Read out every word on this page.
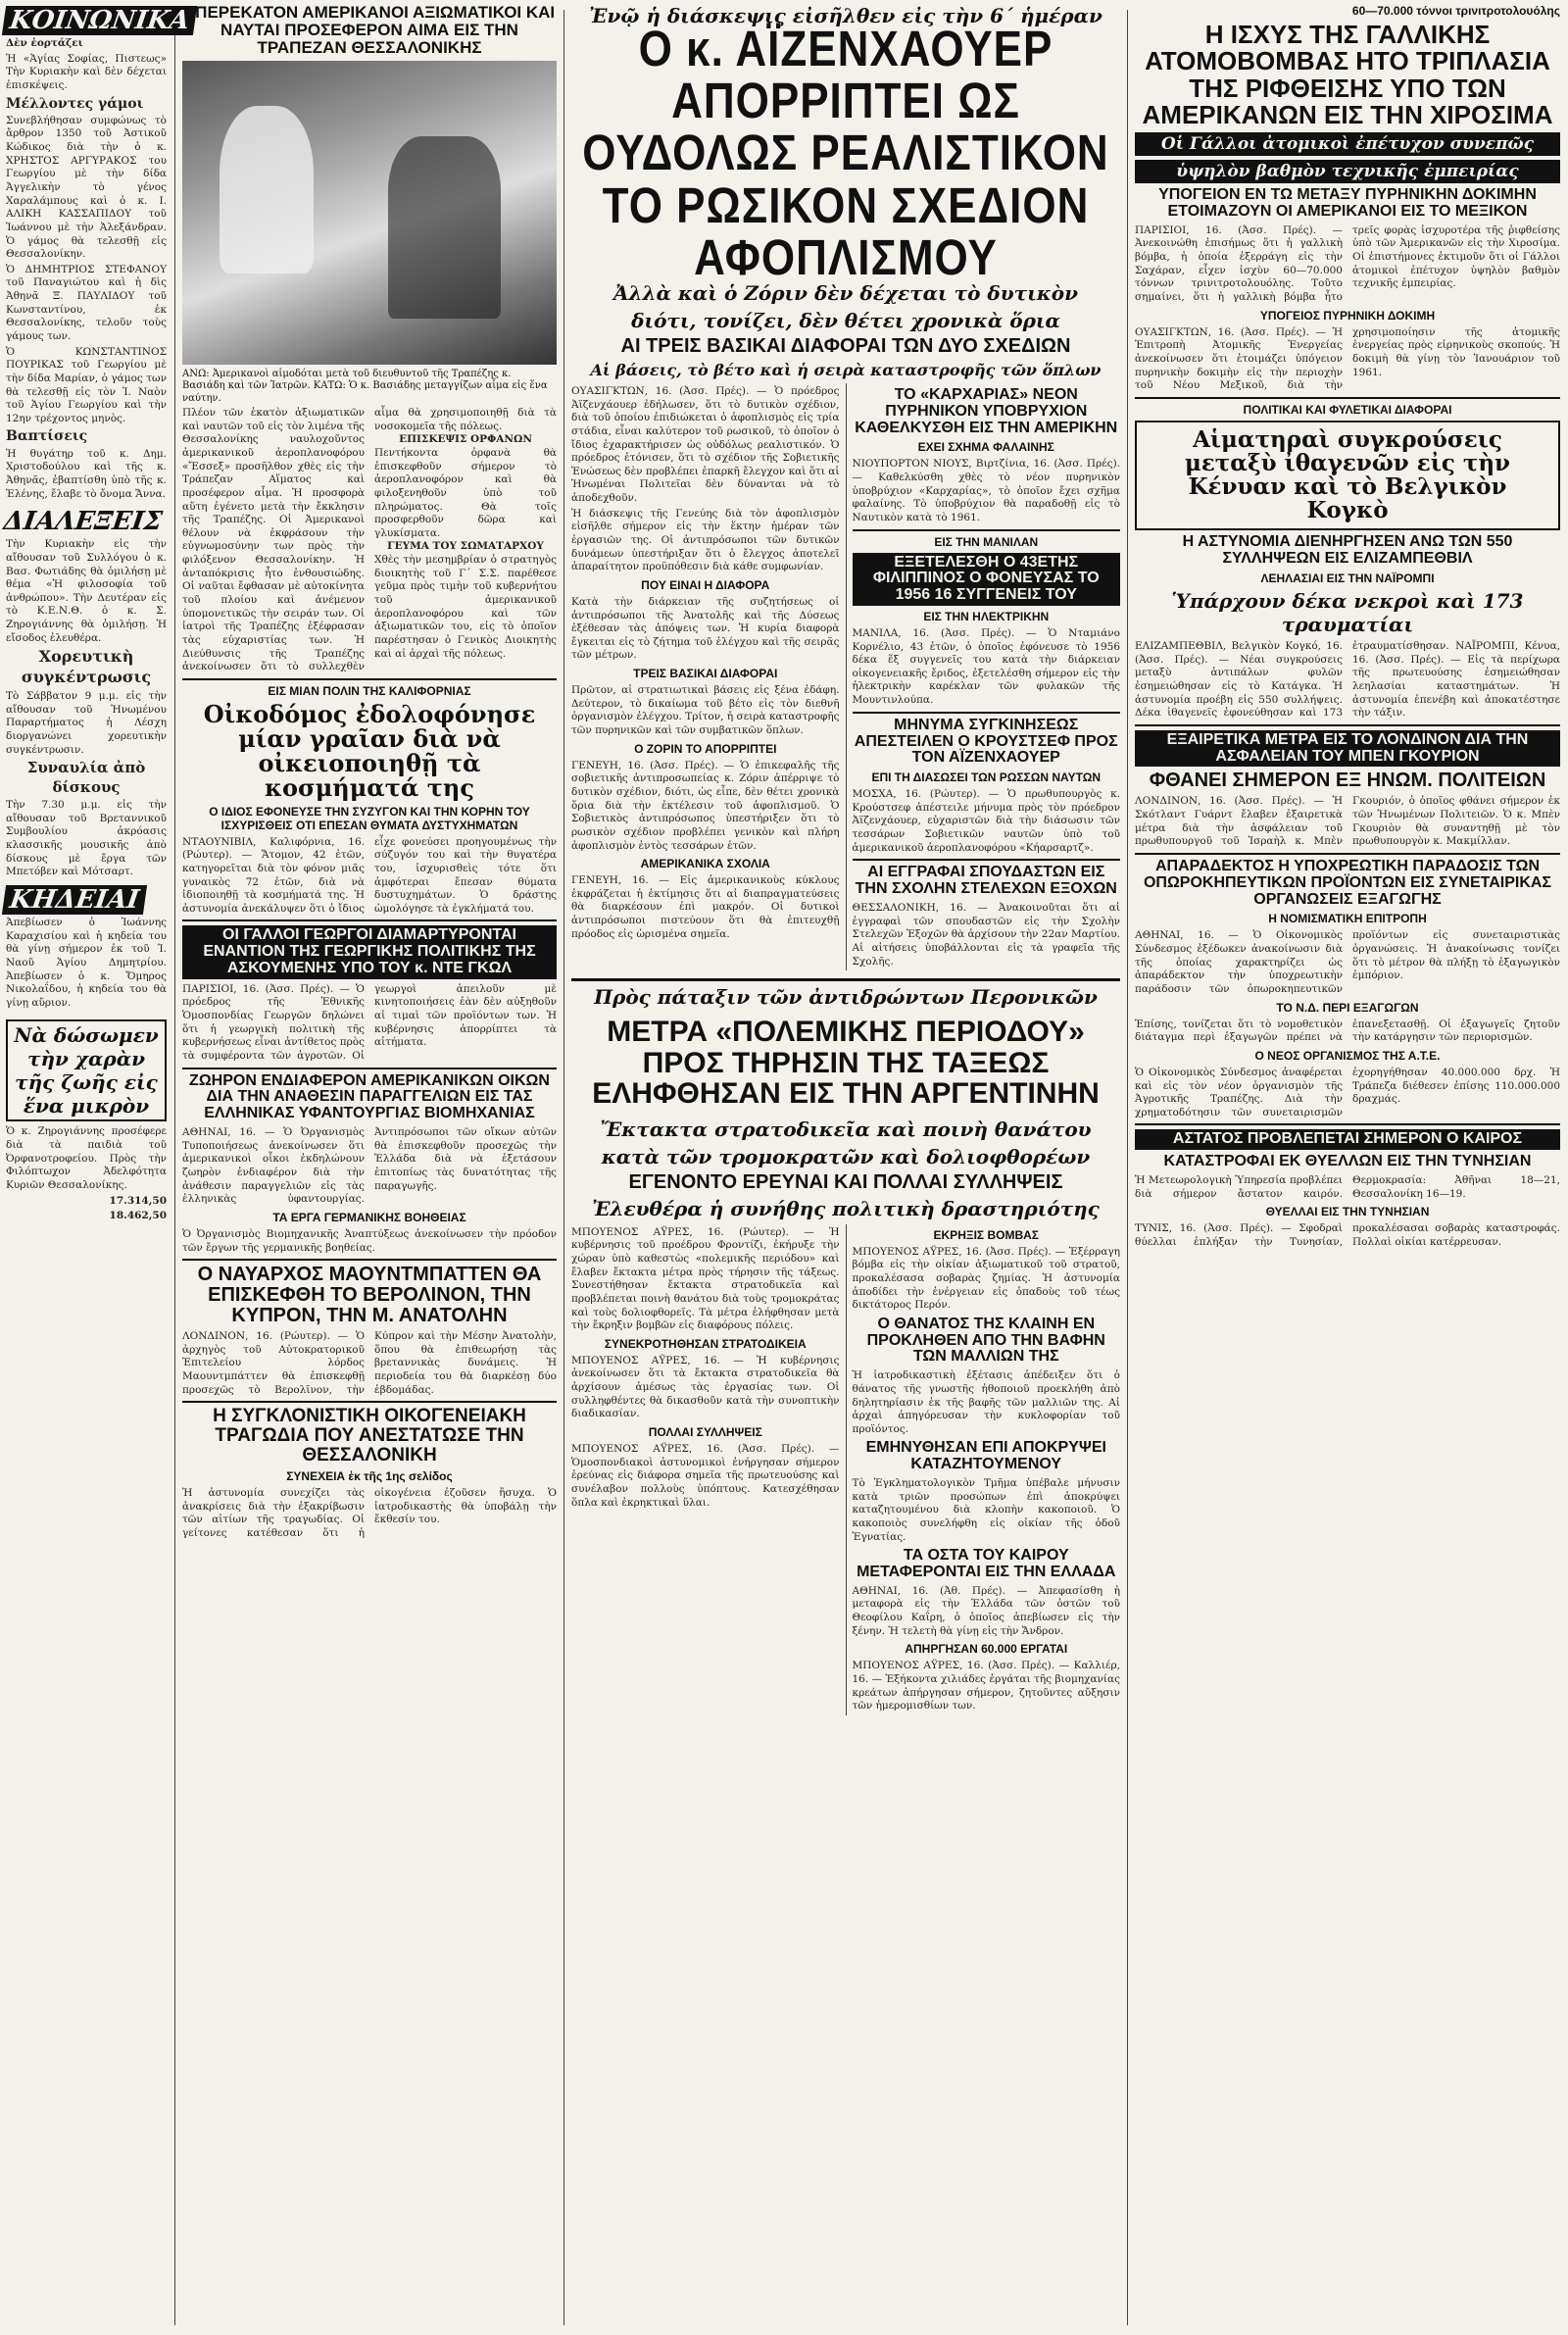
ΚΟΙΝΩΝΙΚΑ
Δὲν ἑορτάζει
Ἡ «Ἁγίας Σοφίας, Πιστεως» Τὴν Κυριακὴν καὶ δὲν δέχεται ἐπισκέψεις.
Μέλλοντες γάμοι
Συνεβλήθησαν συμφώνως τὸ ἄρθρον 1350 τοῦ Ἀστικοῦ Κώδικος διὰ τὴν ὁ κ. ΧΡΗΣΤΟΣ ΑΡΓΥΡΑΚΟΣ του Γεωργίου μὲ τὴν δίδα Ἀγγελικὴν τὸ γένος Χαραλάμπους καὶ ὁ κ. Ι. ΑΛΙΚΗ ΚΑΣΣΑΠΙΔΟΥ τοῦ Ἰωάννου μὲ τὴν Ἀλεξάνδραν. Ὁ γάμος θὰ τελεσθῇ εἰς Θεσσαλονίκην.
Ὁ ΔΗΜΗΤΡΙΟΣ ΣΤΕΦΑΝΟΥ τοῦ Παναγιώτου καὶ ἡ δὶς Ἀθηνᾶ Ξ. ΠΑΥΛΙΔΟΥ τοῦ Κωνσταντίνου, ἐκ Θεσσαλονίκης, τελοῦν τοὺς γάμους των.
Ὁ ΚΩΝΣΤΑΝΤΙΝΟΣ ΠΟΥΡΙΚΑΣ τοῦ Γεωργίου μὲ τὴν δίδα Μαρίαν, ὁ γάμος των θὰ τελεσθῇ εἰς τὸν Ἱ. Ναὸν τοῦ Ἁγίου Γεωργίου καὶ τὴν 12ην τρέχοντος μηνὸς.
Βαπτίσεις
Ἡ θυγάτηρ τοῦ κ. Δημ. Χριστοδούλου καὶ τῆς κ. Ἀθηνᾶς, ἐβαπτίσθη ὑπὸ τῆς κ. Ἑλένης, ἔλαβε τὸ ὄνομα Ἄννα.
ΔΙΑΛΕΞΕΙΣ
Τὴν Κυριακὴν εἰς τὴν αἴθουσαν τοῦ Συλλόγου ὁ κ. Βασ. Φωτιάδης θὰ ὁμιλήσῃ μὲ θέμα «Ἡ φιλοσοφία τοῦ ἀνθρώπου». Τὴν Δευτέραν εἰς τὸ Κ.Ε.Ν.Θ. ὁ κ. Σ. Ζηρογιάννης θὰ ὁμιλήσῃ. Ἡ εἴσοδος ἐλευθέρα.
Χορευτικὴ συγκέντρωσις
Τὸ Σάββατον 9 μ.μ. εἰς τὴν αἴθουσαν τοῦ Ἡνωμένου Παραρτήματος ἡ Λέσχη διοργανώνει χορευτικὴν συγκέντρωσιν.
Συναυλία ἀπὸ δίσκους
Τὴν 7.30 μ.μ. εἰς τὴν αἴθουσαν τοῦ Βρεταννικοῦ Συμβουλίου ἀκρόασις κλασσικῆς μουσικῆς ἀπὸ δίσκους μὲ ἔργα τῶν Μπετόβεν καὶ Μότσαρτ.
ΚΗΔΕΙΑΙ
Ἀπεβίωσεν ὁ Ἰωάννης Καραχισίου καὶ ἡ κηδεία του θὰ γίνῃ σήμερον ἐκ τοῦ Ἱ. Ναοῦ Ἁγίου Δημητρίου. Ἀπεβίωσεν ὁ κ. Ὅμηρος Νικολαΐδου, ἡ κηδεία του θὰ γίνῃ αὔριον.
Νὰ δώσωμεν τὴν χαρὰν τῆς ζωῆς εἰς ἕνα μικρὸν
Ὁ κ. Ζηρογιάννης προσέφερε διὰ τὰ παιδιὰ τοῦ Ὀρφανοτροφείου. Πρὸς τὴν Φιλόπτωχον Ἀδελφότητα Κυριῶν Θεσσαλονίκης.
17.314,50
18.462,50
ΥΠΕΡΕΚΑΤΟΝ ΑΜΕΡΙΚΑΝΟΙ ΑΞΙΩΜΑΤΙΚΟΙ ΚΑΙ ΝΑΥΤΑΙ ΠΡΟΣΕΦΕΡΟΝ ΑΙΜΑ ΕΙΣ ΤΗΝ ΤΡΑΠΕΖΑΝ ΘΕΣΣΑΛΟΝΙΚΗΣ
ΑΝΩ: Ἀμερικανοὶ αἱμοδόται μετὰ τοῦ διευθυντοῦ τῆς Τραπέζης κ. Βασιάδη καὶ τῶν Ἰατρῶν. ΚΑΤΩ: Ὁ κ. Βασιάδης μεταγγίζων αἷμα εἰς ἕνα ναύτην.
Πλέον τῶν ἑκατὸν ἀξιωματικῶν καὶ ναυτῶν τοῦ εἰς τὸν λιμένα τῆς Θεσσαλονίκης ναυλοχοῦντος ἀμερικανικοῦ ἀεροπλανοφόρου «Ἔσσεξ» προσῆλθον χθὲς εἰς τὴν Τράπεζαν Αἵματος καὶ προσέφερον αἷμα. Ἡ προσφορὰ αὕτη ἐγένετο μετὰ τὴν ἔκκλησιν τῆς Τραπέζης. Οἱ Ἀμερικανοὶ θέλουν νὰ ἐκφράσουν τὴν εὐγνωμοσύνην των πρὸς τὴν φιλόξενον Θεσσαλονίκην. Ἡ ἀνταπόκρισις ἦτο ἐνθουσιώδης. Οἱ ναῦται ἔφθασαν μὲ αὐτοκίνητα τοῦ πλοίου καὶ ἀνέμενον ὑπομονετικῶς τὴν σειράν των. Οἱ ἰατροὶ τῆς Τραπέζης ἐξέφρασαν τὰς εὐχαριστίας των. Ἡ Διεύθυνσις τῆς Τραπέζης ἀνεκοίνωσεν ὅτι τὸ συλλεχθὲν αἷμα θὰ χρησιμοποιηθῇ διὰ τὰ νοσοκομεῖα τῆς πόλεως.
ΕΠΙΣΚΕΨΙΣ ΟΡΦΑΝΩΝ
Πεντήκοντα ὀρφανὰ θὰ ἐπισκεφθοῦν σήμερον τὸ ἀεροπλανοφόρον καὶ θὰ φιλοξενηθοῦν ὑπὸ τοῦ πληρώματος. Θὰ τοῖς προσφερθοῦν δῶρα καὶ γλυκίσματα.
ΓΕΥΜΑ ΤΟΥ ΣΩΜΑΤΑΡΧΟΥ
Χθὲς τὴν μεσημβρίαν ὁ στρατηγὸς διοικητὴς τοῦ Γ΄ Σ.Σ. παρέθεσε γεῦμα πρὸς τιμὴν τοῦ κυβερνήτου τοῦ ἀμερικανικοῦ ἀεροπλανοφόρου καὶ τῶν ἀξιωματικῶν του, εἰς τὸ ὁποῖον παρέστησαν ὁ Γενικὸς Διοικητὴς καὶ αἱ ἀρχαὶ τῆς πόλεως.
ΕΙΣ ΜΙΑΝ ΠΟΛΙΝ ΤΗΣ ΚΑΛΙΦΟΡΝΙΑΣ
Οἰκοδόμος ἐδολοφόνησε μίαν γραῖαν διὰ νὰ οἰκειοποιηθῇ τὰ κοσμήματά της
Ο ΙΔΙΟΣ ΕΦΟΝΕΥΣΕ ΤΗΝ ΣΥΖΥΓΟΝ ΚΑΙ ΤΗΝ ΚΟΡΗΝ ΤΟΥ ΙΣΧΥΡΙΣΘΕΙΣ ΟΤΙ ΕΠΕΣΑΝ ΘΥΜΑΤΑ ΔΥΣΤΥΧΗΜΑΤΩΝ
ΝΤΑΟΥΝΙΒΙΛ, Καλιφόρνια, 16. (Ρώυτερ). — Ἄτομον, 42 ἐτῶν, κατηγορεῖται διὰ τὸν φόνον μιᾶς γυναικὸς 72 ἐτῶν, διὰ νὰ ἰδιοποιηθῇ τὰ κοσμήματά της. Ἡ ἀστυνομία ἀνεκάλυψεν ὅτι ὁ ἴδιος εἶχε φονεύσει προηγουμένως τὴν σύζυγόν του καὶ τὴν θυγατέρα του, ἰσχυρισθεὶς τότε ὅτι ἀμφότεραι ἔπεσαν θύματα δυστυχημάτων. Ὁ δράστης ὡμολόγησε τὰ ἐγκλήματά του.
ΟΙ ΓΑΛΛΟΙ ΓΕΩΡΓΟΙ ΔΙΑΜΑΡΤΥΡΟΝΤΑΙ ΕΝΑΝΤΙΟΝ ΤΗΣ ΓΕΩΡΓΙΚΗΣ ΠΟΛΙΤΙΚΗΣ ΤΗΣ ΑΣΚΟΥΜΕΝΗΣ ΥΠΟ ΤΟΥ κ. ΝΤΕ ΓΚΩΛ
ΠΑΡΙΣΙΟΙ, 16. (Ἀσσ. Πρές). — Ὁ πρόεδρος τῆς Ἐθνικῆς Ὁμοσπονδίας Γεωργῶν δηλώνει ὅτι ἡ γεωργικὴ πολιτικὴ τῆς κυβερνήσεως εἶναι ἀντίθετος πρὸς τὰ συμφέροντα τῶν ἀγροτῶν. Οἱ γεωργοὶ ἀπειλοῦν μὲ κινητοποιήσεις ἐὰν δὲν αὐξηθοῦν αἱ τιμαὶ τῶν προϊόντων των. Ἡ κυβέρνησις ἀπορρίπτει τὰ αἰτήματα.
ΖΩΗΡΟΝ ΕΝΔΙΑΦΕΡΟΝ ΑΜΕΡΙΚΑΝΙΚΩΝ ΟΙΚΩΝ ΔΙΑ ΤΗΝ ΑΝΑΘΕΣΙΝ ΠΑΡΑΓΓΕΛΙΩΝ ΕΙΣ ΤΑΣ ΕΛΛΗΝΙΚΑΣ ΥΦΑΝΤΟΥΡΓΙΑΣ ΒΙΟΜΗΧΑΝΙΑΣ
ΑΘΗΝΑΙ, 16. — Ὁ Ὀργανισμὸς Τυποποιήσεως ἀνεκοίνωσεν ὅτι ἀμερικανικοὶ οἶκοι ἐκδηλώνουν ζωηρὸν ἐνδιαφέρον διὰ τὴν ἀνάθεσιν παραγγελιῶν εἰς τὰς ἑλληνικὰς ὑφαντουργίας. Ἀντιπρόσωποι τῶν οἴκων αὐτῶν θὰ ἐπισκεφθοῦν προσεχῶς τὴν Ἑλλάδα διὰ νὰ ἐξετάσουν ἐπιτοπίως τὰς δυνατότητας τῆς παραγωγῆς.
ΤΑ ΕΡΓΑ ΓΕΡΜΑΝΙΚΗΣ ΒΟΗΘΕΙΑΣ
Ὁ Ὀργανισμὸς Βιομηχανικῆς Ἀναπτύξεως ἀνεκοίνωσεν τὴν πρόοδον τῶν ἔργων τῆς γερμανικῆς βοηθείας.
Ο ΝΑΥΑΡΧΟΣ ΜΑΟΥΝΤΜΠΑΤΤΕΝ ΘΑ ΕΠΙΣΚΕΦΘΗ ΤΟ ΒΕΡΟΛΙΝΟΝ, ΤΗΝ ΚΥΠΡΟΝ, ΤΗΝ Μ. ΑΝΑΤΟΛΗΝ
ΛΟΝΔΙΝΟΝ, 16. (Ρώυτερ). — Ὁ ἀρχηγὸς τοῦ Αὐτοκρατορικοῦ Ἐπιτελείου λόρδος Μαουντμπάττεν θὰ ἐπισκεφθῇ προσεχῶς τὸ Βερολῖνον, τὴν Κύπρον καὶ τὴν Μέσην Ἀνατολὴν, ὅπου θὰ ἐπιθεωρήσῃ τὰς βρεταννικὰς δυνάμεις. Ἡ περιοδεία του θὰ διαρκέσῃ δύο ἑβδομάδας.
Η ΣΥΓΚΛΟΝΙΣΤΙΚΗ ΟΙΚΟΓΕΝΕΙΑΚΗ ΤΡΑΓΩΔΙΑ ΠΟΥ ΑΝΕΣΤΑΤΩΣΕ ΤΗΝ ΘΕΣΣΑΛΟΝΙΚΗ
ΣΥΝΕΧΕΙΑ ἐκ τῆς 1ης σελίδος
Ἡ ἀστυνομία συνεχίζει τὰς ἀνακρίσεις διὰ τὴν ἐξακρίβωσιν τῶν αἰτίων τῆς τραγωδίας. Οἱ γείτονες κατέθεσαν ὅτι ἡ οἰκογένεια ἐζοῦσεν ἥσυχα. Ὁ ἰατροδικαστὴς θὰ ὑποβάλῃ τὴν ἔκθεσίν του.
Ἐνῷ ἡ διάσκεψις εἰσῆλθεν εἰς τὴν 6΄ ἡμέραν
Ο κ. ΑΪΖΕΝΧΑΟΥΕΡ ΑΠΟΡΡΙΠΤΕΙ ΩΣ ΟΥΔΟΛΩΣ ΡΕΑΛΙΣΤΙΚΟΝ ΤΟ ΡΩΣΙΚΟΝ ΣΧΕΔΙΟΝ ΑΦΟΠΛΙΣΜΟΥ
Ἀλλὰ καὶ ὁ Ζόριν δὲν δέχεται τὸ δυτικὸν
διότι, τονίζει, δὲν θέτει χρονικὰ ὅρια
ΑΙ ΤΡΕΙΣ ΒΑΣΙΚΑΙ ΔΙΑΦΟΡΑΙ ΤΩΝ ΔΥΟ ΣΧΕΔΙΩΝ
Αἱ βάσεις, τὸ βέτο καὶ ἡ σειρὰ καταστροφῆς τῶν ὅπλων
ΟΥΑΣΙΓΚΤΩΝ, 16. (Ἀσσ. Πρές). — Ὁ πρόεδρος Ἀϊζενχάουερ ἐδήλωσεν, ὅτι τὸ δυτικὸν σχέδιον, διὰ τοῦ ὁποίου ἐπιδιώκεται ὁ ἀφοπλισμὸς εἰς τρία στάδια, εἶναι καλύτερον τοῦ ρωσικοῦ, τὸ ὁποῖον ὁ ἴδιος ἐχαρακτήρισεν ὡς οὐδόλως ρεαλιστικόν. Ὁ πρόεδρος ἐτόνισεν, ὅτι τὸ σχέδιον τῆς Σοβιετικῆς Ἑνώσεως δὲν προβλέπει ἐπαρκῆ ἔλεγχον καὶ ὅτι αἱ Ἡνωμέναι Πολιτεῖαι δὲν δύνανται νὰ τὸ ἀποδεχθοῦν.
Ἡ διάσκεψις τῆς Γενεύης διὰ τὸν ἀφοπλισμὸν εἰσῆλθε σήμερον εἰς τὴν ἕκτην ἡμέραν τῶν ἐργασιῶν της. Οἱ ἀντιπρόσωποι τῶν δυτικῶν δυνάμεων ὑπεστήριξαν ὅτι ὁ ἔλεγχος ἀποτελεῖ ἀπαραίτητον προϋπόθεσιν διὰ κάθε συμφωνίαν.
ΠΟΥ ΕΙΝΑΙ Η ΔΙΑΦΟΡΑ
Κατὰ τὴν διάρκειαν τῆς συζητήσεως οἱ ἀντιπρόσωποι τῆς Ἀνατολῆς καὶ τῆς Δύσεως ἐξέθεσαν τὰς ἀπόψεις των. Ἡ κυρία διαφορὰ ἔγκειται εἰς τὸ ζήτημα τοῦ ἐλέγχου καὶ τῆς σειρᾶς τῶν μέτρων.
ΤΡΕΙΣ ΒΑΣΙΚΑΙ ΔΙΑΦΟΡΑΙ
Πρῶτον, αἱ στρατιωτικαὶ βάσεις εἰς ξένα ἐδάφη. Δεύτερον, τὸ δικαίωμα τοῦ βέτο εἰς τὸν διεθνῆ ὀργανισμὸν ἐλέγχου. Τρίτον, ἡ σειρὰ καταστροφῆς τῶν πυρηνικῶν καὶ τῶν συμβατικῶν ὅπλων.
Ο ΖΟΡΙΝ ΤΟ ΑΠΟΡΡΙΠΤΕΙ
ΓΕΝΕΥΗ, 16. (Ἀσσ. Πρές). — Ὁ ἐπικεφαλῆς τῆς σοβιετικῆς ἀντιπροσωπείας κ. Ζόριν ἀπέρριψε τὸ δυτικὸν σχέδιον, διότι, ὡς εἶπε, δὲν θέτει χρονικὰ ὅρια διὰ τὴν ἐκτέλεσιν τοῦ ἀφοπλισμοῦ. Ὁ Σοβιετικὸς ἀντιπρόσωπος ὑπεστήριξεν ὅτι τὸ ρωσικὸν σχέδιον προβλέπει γενικὸν καὶ πλήρη ἀφοπλισμὸν ἐντὸς τεσσάρων ἐτῶν.
ΑΜΕΡΙΚΑΝΙΚΑ ΣΧΟΛΙΑ
ΓΕΝΕΥΗ, 16. — Εἰς ἀμερικανικοὺς κύκλους ἐκφράζεται ἡ ἐκτίμησις ὅτι αἱ διαπραγματεύσεις θὰ διαρκέσουν ἐπὶ μακρόν. Οἱ δυτικοὶ ἀντιπρόσωποι πιστεύουν ὅτι θὰ ἐπιτευχθῇ πρόοδος εἰς ὡρισμένα σημεῖα.
ΤΟ «ΚΑΡΧΑΡΙΑΣ» ΝΕΟΝ ΠΥΡΗΝΙΚΟΝ ΥΠΟΒΡΥΧΙΟΝ ΚΑΘΕΛΚΥΣΘΗ ΕΙΣ ΤΗΝ ΑΜΕΡΙΚΗΝ
ΕΧΕΙ ΣΧΗΜΑ ΦΑΛΑΙΝΗΣ
ΝΙΟΥΠΟΡΤΟΝ ΝΙΟΥΣ, Βιρτζίνια, 16. (Ἀσσ. Πρές). — Καθελκύσθη χθὲς τὸ νέον πυρηνικὸν ὑποβρύχιον «Καρχαρίας», τὸ ὁποῖον ἔχει σχῆμα φαλαίνης. Τὸ ὑποβρύχιον θὰ παραδοθῇ εἰς τὸ Ναυτικὸν κατὰ τὸ 1961.
ΕΙΣ ΤΗΝ ΜΑΝΙΛΑΝ
ΕΞΕΤΕΛΕΣΘΗ Ο 43ΕΤΗΣ ΦΙΛΙΠΠΙΝΟΣ Ο ΦΟΝΕΥΣΑΣ ΤΟ 1956 16 ΣΥΓΓΕΝΕΙΣ ΤΟΥ
ΕΙΣ ΤΗΝ ΗΛΕΚΤΡΙΚΗΝ
ΜΑΝΙΛΑ, 16. (Ἀσσ. Πρές). — Ὁ Νταμιάνο Κορνέλιο, 43 ἐτῶν, ὁ ὁποῖος ἐφόνευσε τὸ 1956 δέκα ἕξ συγγενεῖς του κατὰ τὴν διάρκειαν οἰκογενειακῆς ἔριδος, ἐξετελέσθη σήμερον εἰς τὴν ἠλεκτρικὴν καρέκλαν τῶν φυλακῶν τῆς Μουντινλούπα.
ΜΗΝΥΜΑ ΣΥΓΚΙΝΗΣΕΩΣ ΑΠΕΣΤΕΙΛΕΝ Ο ΚΡΟΥΣΤΣΕΦ ΠΡΟΣ ΤΟΝ ΑΪΖΕΝΧΑΟΥΕΡ
ΕΠΙ ΤΗ ΔΙΑΣΩΣΕΙ ΤΩΝ ΡΩΣΣΩΝ ΝΑΥΤΩΝ
ΜΟΣΧΑ, 16. (Ρώυτερ). — Ὁ πρωθυπουργὸς κ. Κρούστσεφ ἀπέστειλε μήνυμα πρὸς τὸν πρόεδρον Ἀϊζενχάουερ, εὐχαριστῶν διὰ τὴν διάσωσιν τῶν τεσσάρων Σοβιετικῶν ναυτῶν ὑπὸ τοῦ ἀμερικανικοῦ ἀεροπλανοφόρου «Κήαρσαρτζ».
ΑΙ ΕΓΓΡΑΦΑΙ ΣΠΟΥΔΑΣΤΩΝ ΕΙΣ ΤΗΝ ΣΧΟΛΗΝ ΣΤΕΛΕΧΩΝ ΕΞΟΧΩΝ
ΘΕΣΣΑΛΟΝΙΚΗ, 16. — Ἀνακοινοῦται ὅτι αἱ ἐγγραφαὶ τῶν σπουδαστῶν εἰς τὴν Σχολὴν Στελεχῶν Ἐξοχῶν θὰ ἀρχίσουν τὴν 22αν Μαρτίου. Αἱ αἰτήσεις ὑποβάλλονται εἰς τὰ γραφεῖα τῆς Σχολῆς.
Πρὸς πάταξιν τῶν ἀντιδρώντων Περονικῶν
ΜΕΤΡΑ «ΠΟΛΕΜΙΚΗΣ ΠΕΡΙΟΔΟΥ» ΠΡΟΣ ΤΗΡΗΣΙΝ ΤΗΣ ΤΑΞΕΩΣ ΕΛΗΦΘΗΣΑΝ ΕΙΣ ΤΗΝ ΑΡΓΕΝΤΙΝΗΝ
Ἔκτακτα στρατοδικεῖα καὶ ποινὴ θανάτου
κατὰ τῶν τρομοκρατῶν καὶ δολιοφθορέων
ΕΓΕΝΟΝΤΟ ΕΡΕΥΝΑΙ ΚΑΙ ΠΟΛΛΑΙ ΣΥΛΛΗΨΕΙΣ
Ἐλευθέρα ἡ συνήθης πολιτικὴ δραστηριότης
ΜΠΟΥΕΝΟΣ ΑΫΡΕΣ, 16. (Ρώυτερ). — Ἡ κυβέρνησις τοῦ προέδρου Φροντίζι, ἐκήρυξε τὴν χώραν ὑπὸ καθεστὼς «πολεμικῆς περιόδου» καὶ ἔλαβεν ἔκτακτα μέτρα πρὸς τήρησιν τῆς τάξεως. Συνεστήθησαν ἔκτακτα στρατοδικεῖα καὶ προβλέπεται ποινὴ θανάτου διὰ τοὺς τρομοκράτας καὶ τοὺς δολιοφθορεῖς. Τὰ μέτρα ἐλήφθησαν μετὰ τὴν ἔκρηξιν βομβῶν εἰς διαφόρους πόλεις.
ΣΥΝΕΚΡΟΤΗΘΗΣΑΝ ΣΤΡΑΤΟΔΙΚΕΙΑ
ΜΠΟΥΕΝΟΣ ΑΫΡΕΣ, 16. — Ἡ κυβέρνησις ἀνεκοίνωσεν ὅτι τὰ ἔκτακτα στρατοδικεῖα θὰ ἀρχίσουν ἀμέσως τὰς ἐργασίας των. Οἱ συλληφθέντες θὰ δικασθοῦν κατὰ τὴν συνοπτικὴν διαδικασίαν.
ΠΟΛΛΑΙ ΣΥΛΛΗΨΕΙΣ
ΜΠΟΥΕΝΟΣ ΑΫΡΕΣ, 16. (Ἀσσ. Πρές). — Ὁμοσπονδιακοὶ ἀστυνομικοὶ ἐνήργησαν σήμερον ἐρεύνας εἰς διάφορα σημεῖα τῆς πρωτευούσης καὶ συνέλαβον πολλοὺς ὑπόπτους. Κατεσχέθησαν ὅπλα καὶ ἐκρηκτικαὶ ὕλαι.
ΕΚΡΗΞΙΣ ΒΟΜΒΑΣ
ΜΠΟΥΕΝΟΣ ΑΫΡΕΣ, 16. (Ἀσσ. Πρές). — Ἐξέρραγη βόμβα εἰς τὴν οἰκίαν ἀξιωματικοῦ τοῦ στρατοῦ, προκαλέσασα σοβαρὰς ζημίας. Ἡ ἀστυνομία ἀποδίδει τὴν ἐνέργειαν εἰς ὀπαδοὺς τοῦ τέως δικτάτορος Περόν.
Ο ΘΑΝΑΤΟΣ ΤΗΣ ΚΛΑΙΝΗ ΕΝ ΠΡΟΚΛΗΘΕΝ ΑΠΟ ΤΗΝ ΒΑΦΗΝ ΤΩΝ ΜΑΛΛΙΩΝ ΤΗΣ
Ἡ ἰατροδικαστικὴ ἐξέτασις ἀπέδειξεν ὅτι ὁ θάνατος τῆς γνωστῆς ἠθοποιοῦ προεκλήθη ἀπὸ δηλητηρίασιν ἐκ τῆς βαφῆς τῶν μαλλιῶν της. Αἱ ἀρχαὶ ἀπηγόρευσαν τὴν κυκλοφορίαν τοῦ προϊόντος.
ΕΜΗΝΥΘΗΣΑΝ ΕΠΙ ΑΠΟΚΡΥΨΕΙ ΚΑΤΑΖΗΤΟΥΜΕΝΟΥ
Τὸ Ἐγκληματολογικὸν Τμῆμα ὑπέβαλε μήνυσιν κατὰ τριῶν προσώπων ἐπὶ ἀποκρύψει καταζητουμένου διὰ κλοπὴν κακοποιοῦ. Ὁ κακοποιὸς συνελήφθη εἰς οἰκίαν τῆς ὁδοῦ Ἐγνατίας.
ΤΑ ΟΣΤΑ ΤΟΥ ΚΑΙΡΟΥ ΜΕΤΑΦΕΡΟΝΤΑΙ ΕΙΣ ΤΗΝ ΕΛΛΑΔΑ
ΑΘΗΝΑΙ, 16. (Ἀθ. Πρές). — Ἀπεφασίσθη ἡ μεταφορὰ εἰς τὴν Ἑλλάδα τῶν ὀστῶν τοῦ Θεοφίλου Καΐρη, ὁ ὁποῖος ἀπεβίωσεν εἰς τὴν ξένην. Ἡ τελετὴ θὰ γίνῃ εἰς τὴν Ἄνδρον.
ΑΠΗΡΓΗΣΑΝ 60.000 ΕΡΓΑΤΑΙ
ΜΠΟΥΕΝΟΣ ΑΫΡΕΣ, 16. (Ἀσσ. Πρές). — Καλλιέρ, 16. — Ἑξήκοντα χιλιάδες ἐργάται τῆς βιομηχανίας κρεάτων ἀπήργησαν σήμερον, ζητοῦντες αὔξησιν τῶν ἡμερομισθίων των.
60—70.000 τόννοι τρινιτροτολουόλης
Η ΙΣΧΥΣ ΤΗΣ ΓΑΛΛΙΚΗΣ ΑΤΟΜΟΒΟΜΒΑΣ ΗΤΟ ΤΡΙΠΛΑΣΙΑ ΤΗΣ ΡΙΦΘΕΙΣΗΣ ΥΠΟ ΤΩΝ ΑΜΕΡΙΚΑΝΩΝ ΕΙΣ ΤΗΝ ΧΙΡΟΣΙΜΑ
Οἱ Γάλλοι ἀτομικοὶ ἐπέτυχον συνεπῶς
ὑψηλὸν βαθμὸν τεχνικῆς ἐμπειρίας
ΥΠΟΓΕΙΟΝ ΕΝ ΤΩ ΜΕΤΑΞΥ ΠΥΡΗΝΙΚΗΝ ΔΟΚΙΜΗΝ ΕΤΟΙΜΑΖΟΥΝ ΟΙ ΑΜΕΡΙΚΑΝΟΙ ΕΙΣ ΤΟ ΜΕΞΙΚΟΝ
ΠΑΡΙΣΙΟΙ, 16. (Ἀσσ. Πρές). — Ἀνεκοινώθη ἐπισήμως ὅτι ἡ γαλλικὴ βόμβα, ἡ ὁποία ἐξερράγη εἰς τὴν Σαχάραν, εἶχεν ἰσχὺν 60—70.000 τόννων τρινιτροτολουόλης. Τοῦτο σημαίνει, ὅτι ἡ γαλλικὴ βόμβα ἦτο τρεῖς φορὰς ἰσχυροτέρα τῆς ῥιφθείσης ὑπὸ τῶν Ἀμερικανῶν εἰς τὴν Χιροσίμα. Οἱ ἐπιστήμονες ἐκτιμοῦν ὅτι οἱ Γάλλοι ἀτομικοὶ ἐπέτυχον ὑψηλὸν βαθμὸν τεχνικῆς ἐμπειρίας.
ΥΠΟΓΕΙΟΣ ΠΥΡΗΝΙΚΗ ΔΟΚΙΜΗ
ΟΥΑΣΙΓΚΤΩΝ, 16. (Ἀσσ. Πρές). — Ἡ Ἐπιτροπὴ Ἀτομικῆς Ἐνεργείας ἀνεκοίνωσεν ὅτι ἑτοιμάζει ὑπόγειον πυρηνικὴν δοκιμὴν εἰς τὴν περιοχὴν τοῦ Νέου Μεξικοῦ, διὰ τὴν χρησιμοποίησιν τῆς ἀτομικῆς ἐνεργείας πρὸς εἰρηνικοὺς σκοπούς. Ἡ δοκιμὴ θὰ γίνῃ τὸν Ἰανουάριον τοῦ 1961.
ΠΟΛΙΤΙΚΑΙ ΚΑΙ ΦΥΛΕΤΙΚΑΙ ΔΙΑΦΟΡΑΙ
Αἱματηραὶ συγκρούσεις μεταξὺ ἰθαγενῶν εἰς τὴν Κένυαν καὶ τὸ Βελγικὸν Κογκὸ
Η ΑΣΤΥΝΟΜΙΑ ΔΙΕΝΗΡΓΗΣΕΝ ΑΝΩ ΤΩΝ 550 ΣΥΛΛΗΨΕΩΝ ΕΙΣ ΕΛΙΖΑΜΠΕΘΒΙΛ
ΛΕΗΛΑΣΙΑΙ ΕΙΣ ΤΗΝ ΝΑΪΡΟΜΠΙ
Ὑπάρχουν δέκα νεκροὶ καὶ 173 τραυματίαι
ΕΛΙΖΑΜΠΕΘΒΙΛ, Βελγικὸν Κογκό, 16. (Ἀσσ. Πρές). — Νέαι συγκρούσεις μεταξὺ ἀντιπάλων φυλῶν ἐσημειώθησαν εἰς τὸ Κατάγκα. Ἡ ἀστυνομία προέβη εἰς 550 συλλήψεις. Δέκα ἰθαγενεῖς ἐφονεύθησαν καὶ 173 ἐτραυματίσθησαν. ΝΑΪΡΟΜΠΙ, Κένυα, 16. (Ἀσσ. Πρές). — Εἰς τὰ περίχωρα τῆς πρωτευούσης ἐσημειώθησαν λεηλασίαι καταστημάτων. Ἡ ἀστυνομία ἐπενέβη καὶ ἀποκατέστησε τὴν τάξιν.
ΕΞΑΙΡΕΤΙΚΑ ΜΕΤΡΑ ΕΙΣ ΤΟ ΛΟΝΔΙΝΟΝ ΔΙΑ ΤΗΝ ΑΣΦΑΛΕΙΑΝ ΤΟΥ ΜΠΕΝ ΓΚΟΥΡΙΟΝ
ΦΘΑΝΕΙ ΣΗΜΕΡΟΝ ΕΞ ΗΝΩΜ. ΠΟΛΙΤΕΙΩΝ
ΛΟΝΔΙΝΟΝ, 16. (Ἀσσ. Πρές). — Ἡ Σκότλαντ Γυάρντ ἔλαβεν ἐξαιρετικὰ μέτρα διὰ τὴν ἀσφάλειαν τοῦ πρωθυπουργοῦ τοῦ Ἰσραὴλ κ. Μπὲν Γκουριόν, ὁ ὁποῖος φθάνει σήμερον ἐκ τῶν Ἡνωμένων Πολιτειῶν. Ὁ κ. Μπὲν Γκουριὸν θὰ συναντηθῇ μὲ τὸν πρωθυπουργὸν κ. Μακμίλλαν.
ΑΠΑΡΑΔΕΚΤΟΣ Η ΥΠΟΧΡΕΩΤΙΚΗ ΠΑΡΑΔΟΣΙΣ ΤΩΝ ΟΠΩΡΟΚΗΠΕΥΤΙΚΩΝ ΠΡΟΪΟΝΤΩΝ ΕΙΣ ΣΥΝΕΤΑΙΡΙΚΑΣ ΟΡΓΑΝΩΣΕΙΣ ΕΞΑΓΩΓΗΣ
Η ΝΟΜΙΣΜΑΤΙΚΗ ΕΠΙΤΡΟΠΗ
ΑΘΗΝΑΙ, 16. — Ὁ Οἰκονομικὸς Σύνδεσμος ἐξέδωκεν ἀνακοίνωσιν διὰ τῆς ὁποίας χαρακτηρίζει ὡς ἀπαράδεκτον τὴν ὑποχρεωτικὴν παράδοσιν τῶν ὀπωροκηπευτικῶν προϊόντων εἰς συνεταιριστικὰς ὀργανώσεις. Ἡ ἀνακοίνωσις τονίζει ὅτι τὸ μέτρον θὰ πλήξῃ τὸ ἐξαγωγικὸν ἐμπόριον.
ΤΟ Ν.Δ. ΠΕΡΙ ΕΞΑΓΩΓΩΝ
Ἐπίσης, τονίζεται ὅτι τὸ νομοθετικὸν διάταγμα περὶ ἐξαγωγῶν πρέπει νὰ ἐπανεξετασθῇ. Οἱ ἐξαγωγεῖς ζητοῦν τὴν κατάργησιν τῶν περιορισμῶν.
Ο ΝΕΟΣ ΟΡΓΑΝΙΣΜΟΣ ΤΗΣ Α.Τ.Ε.
Ὁ Οἰκονομικὸς Σύνδεσμος ἀναφέρεται καὶ εἰς τὸν νέον ὀργανισμὸν τῆς Ἀγροτικῆς Τραπέζης. Διὰ τὴν χρηματοδότησιν τῶν συνεταιρισμῶν ἐχορηγήθησαν 40.000.000 δρχ. Ἡ Τράπεζα διέθεσεν ἐπίσης 110.000.000 δραχμάς.
ΑΣΤΑΤΟΣ ΠΡΟΒΛΕΠΕΤΑΙ ΣΗΜΕΡΟΝ Ο ΚΑΙΡΟΣ
ΚΑΤΑΣΤΡΟΦΑΙ ΕΚ ΘΥΕΛΛΩΝ ΕΙΣ ΤΗΝ ΤΥΝΗΣΙΑΝ
Ἡ Μετεωρολογικὴ Ὑπηρεσία προβλέπει διὰ σήμερον ἄστατον καιρόν. Θερμοκρασία: Ἀθῆναι 18—21, Θεσσαλονίκη 16—19.
ΘΥΕΛΛΑΙ ΕΙΣ ΤΗΝ ΤΥΝΗΣΙΑΝ
ΤΥΝΙΣ, 16. (Ἀσσ. Πρές). — Σφοδραὶ θύελλαι ἐπλήξαν τὴν Τυνησίαν, προκαλέσασαι σοβαρὰς καταστροφάς. Πολλαὶ οἰκίαι κατέρρευσαν.
